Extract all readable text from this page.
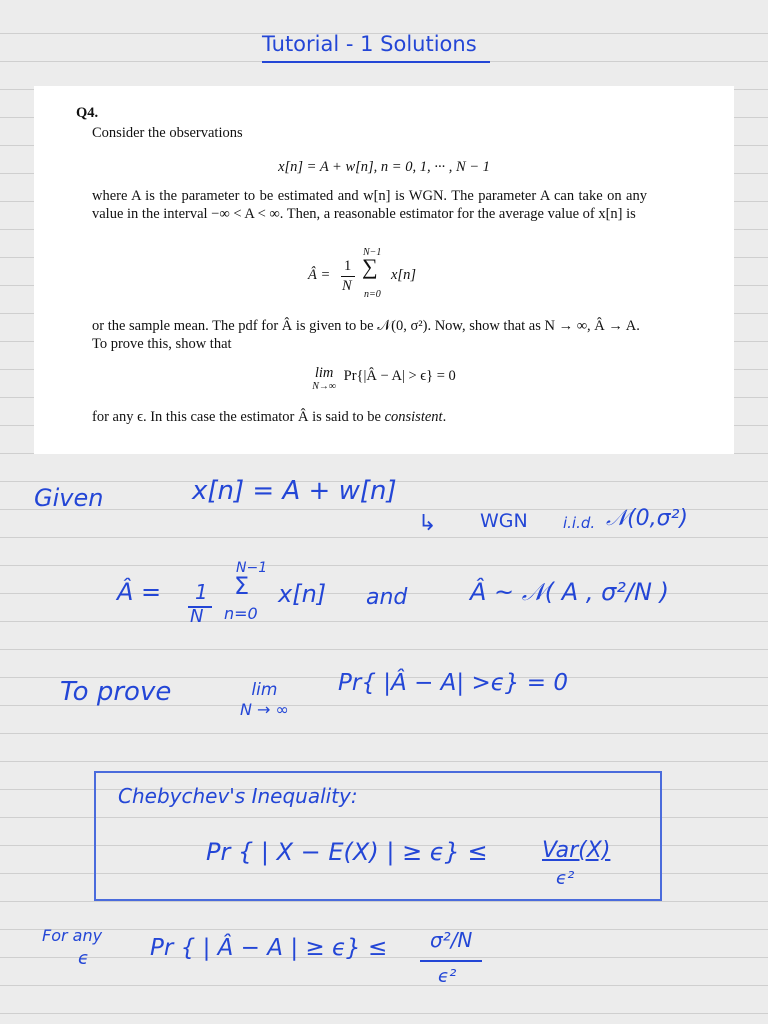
Tutorial - 1 Solutions
Q4.
Consider the observations
x[n] = A + w[n], n = 0, 1, ··· , N − 1
where A is the parameter to be estimated and w[n] is WGN. The parameter A can take on any value in the interval −∞ < A < ∞. Then, a reasonable estimator for the average value of x[n] is
Â =
1
N
N−1
∑
n=0
x[n]
or the sample mean. The pdf for Â is given to be 𝒩(0, σ²). Now, show that as N → ∞, Â → A. To prove this, show that
lim
N→∞ Pr{|Â − A| > ϵ} = 0
for any ϵ. In this case the estimator Â is said to be consistent.
Given	x[n] = A + w[n]
↳ WGN i.i.d. 𝒩(0,σ²)
Â = 1
N
N−1
Σ
n=0
x[n] and	Â ~ 𝒩( A , σ²/N )
To prove	lim
N → ∞
Pr{ |Â − A| >ϵ} = 0
Chebychev's Inequality:
Pr { | X − E(X) | ≥ ϵ} ≤ Var(X)
ϵ²
For any
ϵ	Pr { | Â − A | ≥ ϵ} ≤ σ²/N
ϵ²
